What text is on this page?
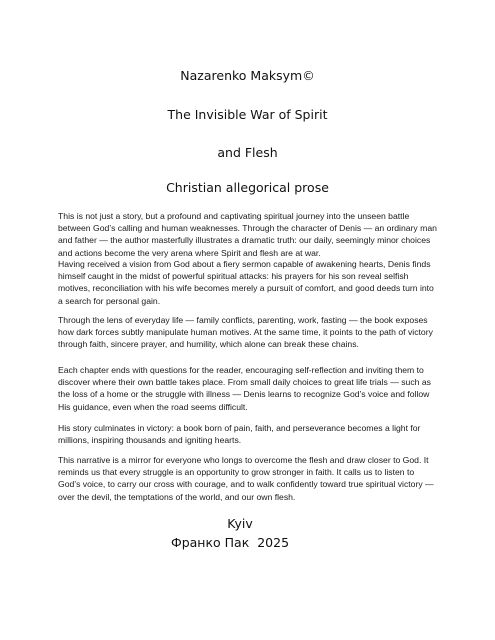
Nazarenko Maksym©
The Invisible War of Spirit
and Flesh
Christian allegorical prose

This is not just a story, but a profound and captivating spiritual journey into the unseen battle between God’s calling and human weaknesses. Through the character of Denis — an ordinary man and father — the author masterfully illustrates a dramatic truth: our daily, seemingly minor choices and actions become the very arena where Spirit and flesh are at war.

Having received a vision from God about a fiery sermon capable of awakening hearts, Denis finds himself caught in the midst of powerful spiritual attacks: his prayers for his son reveal selfish motives, reconciliation with his wife becomes merely a pursuit of comfort, and good deeds turn into a search for personal gain.

Through the lens of everyday life — family conflicts, parenting, work, fasting — the book exposes how dark forces subtly manipulate human motives. At the same time, it points to the path of victory through faith, sincere prayer, and humility, which alone can break these chains.

Each chapter ends with questions for the reader, encouraging self-reflection and inviting them to discover where their own battle takes place. From small daily choices to great life trials — such as the loss of a home or the struggle with illness — Denis learns to recognize God’s voice and follow His guidance, even when the road seems difficult.

His story culminates in victory: a book born of pain, faith, and perseverance becomes a light for millions, inspiring thousands and igniting hearts.

This narrative is a mirror for everyone who longs to overcome the flesh and draw closer to God. It reminds us that every struggle is an opportunity to grow stronger in faith. It calls us to listen to God’s voice, to carry our cross with courage, and to walk confidently toward true spiritual victory — over the devil, the temptations of the world, and our own flesh.

Kyiv
Франко Пак  2025
